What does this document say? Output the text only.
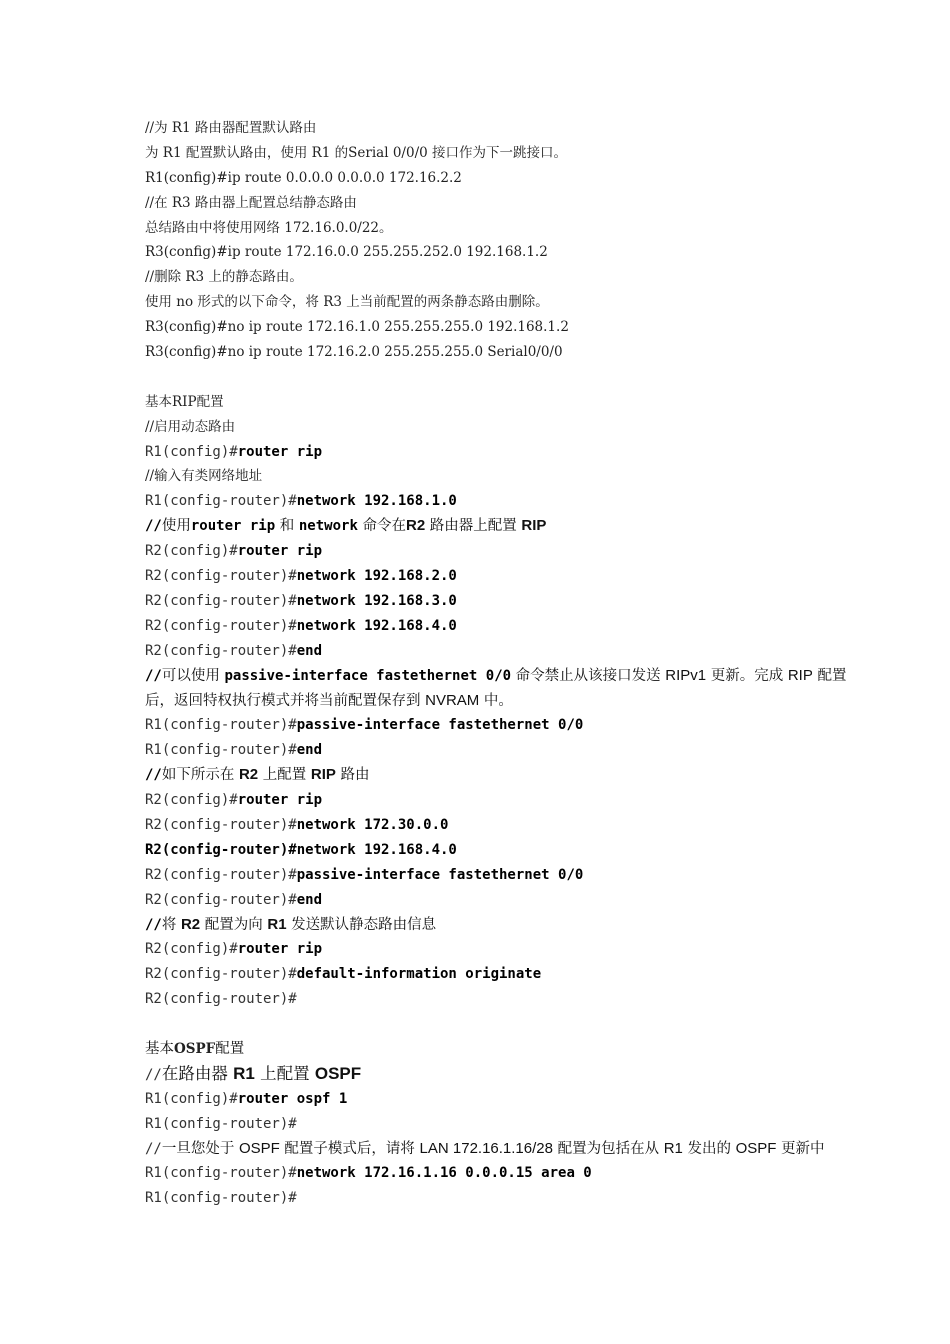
//为 R1 路由器配置默认路由
为 R1 配置默认路由，使用 R1 的Serial 0/0/0 接口作为下一跳接口。
R1(config)#ip route 0.0.0.0 0.0.0.0 172.16.2.2
//在 R3 路由器上配置总结静态路由
总结路由中将使用网络 172.16.0.0/22。
R3(config)#ip route 172.16.0.0 255.255.252.0 192.168.1.2
//删除 R3 上的静态路由。
使用 no 形式的以下命令，将 R3 上当前配置的两条静态路由删除。
R3(config)#no ip route 172.16.1.0 255.255.255.0 192.168.1.2
R3(config)#no ip route 172.16.2.0 255.255.255.0 Serial0/0/0
基本RIP配置
//启用动态路由
R1(config)#router rip
//输入有类网络地址
R1(config-router)#network 192.168.1.0
//使用router rip 和 network 命令在R2 路由器上配置 RIP
R2(config)#router rip
R2(config-router)#network 192.168.2.0
R2(config-router)#network 192.168.3.0
R2(config-router)#network 192.168.4.0
R2(config-router)#end
//可以使用 passive-interface fastethernet 0/0 命令禁止从该接口发送 RIPv1 更新。完成 RIP 配置后，返回特权执行模式并将当前配置保存到 NVRAM 中。
R1(config-router)#passive-interface fastethernet 0/0
R1(config-router)#end
//如下所示在 R2 上配置 RIP 路由
R2(config)#router rip
R2(config-router)#network 172.30.0.0
R2(config-router)#network 192.168.4.0
R2(config-router)#passive-interface fastethernet 0/0
R2(config-router)#end
//将 R2 配置为向 R1 发送默认静态路由信息
R2(config)#router rip
R2(config-router)#default-information originate
R2(config-router)#
基本OSPF配置
//在路由器 R1 上配置 OSPF
R1(config)#router ospf 1
R1(config-router)#
//一旦您处于 OSPF 配置子模式后，请将 LAN 172.16.1.16/28 配置为包括在从 R1 发出的 OSPF 更新中R1(config-router)#network 172.16.1.16 0.0.0.15 area 0
R1(config-router)#
